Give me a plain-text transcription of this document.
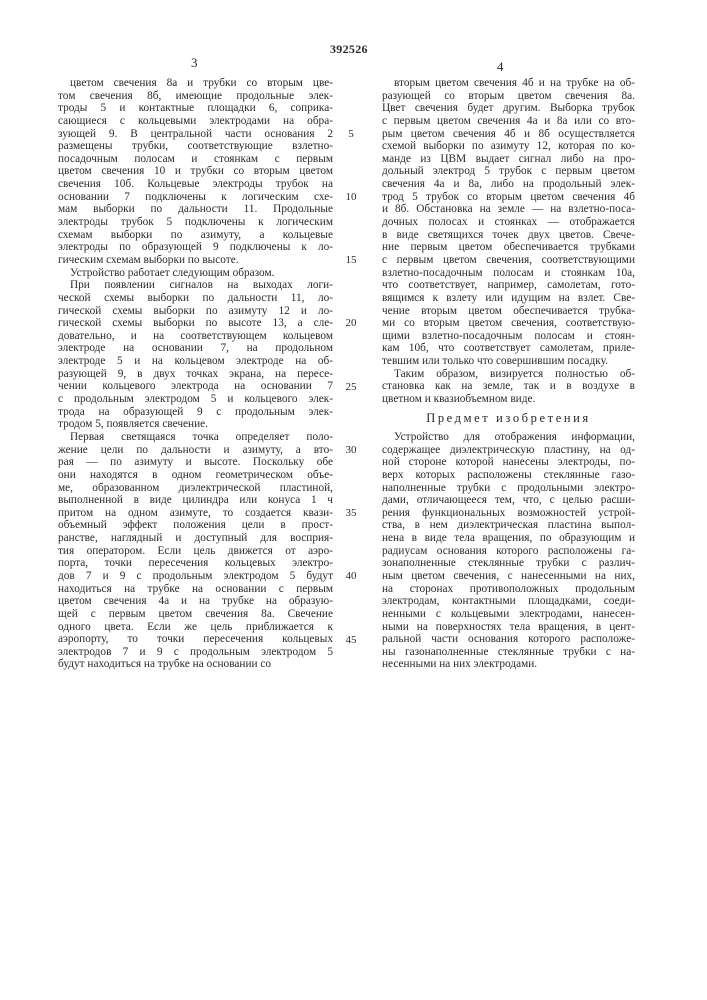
392526
3	4
цветом свечения 8а и трубки со вторым цве-
том свечения 8б, имеющие продольные элек-
троды 5 и контактные площадки 6, соприка-
сающиеся с кольцевыми электродами на обра-
зующей 9. В центральной части основания 2
размещены трубки, соответствующие взлетно-
посадочным полосам и стоянкам с первым
цветом свечения 10 и трубки со вторым цветом
свечения 10б. Кольцевые электроды трубок на
основании 7 подключены к логическим схе-
мам выборки по дальности 11. Продольные
электроды трубок 5 подключены к логическим
схемам выборки по азимуту, а кольцевые
электроды по образующей 9 подключены к ло-
гическим схемам выборки по высоте.
Устройство работает следующим образом.
При появлении сигналов на выходах логи-
ческой схемы выборки по дальности 11, ло-
гической схемы выборки по азимуту 12 и ло-
гической схемы выборки по высоте 13, а сле-
довательно, и на соответствующем кольцевом
электроде на основании 7, на продольном
электроде 5 и на кольцевом электроде на об-
разующей 9, в двух точках экрана, на пересе-
чении кольцевого электрода на основании 7
с продольным электродом 5 и кольцевого элек-
трода на образующей 9 с продольным элек-
тродом 5, появляется свечение.
Первая светящаяся точка определяет поло-
жение цели по дальности и азимуту, а вто-
рая — по азимуту и высоте. Поскольку обе
они находятся в одном геометрическом объе-
ме, образованном диэлектрической пластиной,
выполненной в виде цилиндра или конуса 1 ч
притом на одном азимуте, то создается квази-
объемный эффект положения цели в прост-
ранстве, наглядный и доступный для восприя-
тия оператором. Если цель движется от аэро-
порта, точки пересечения кольцевых электро-
дов 7 и 9 с продольным электродом 5 будут
находиться на трубке на основании с первым
цветом свечения 4а и на трубке на образую-
щей с первым цветом свечения 8а. Свечение
одного цвета. Если же цель приближается к
аэропорту, то точки пересечения кольцевых
электродов 7 и 9 с продольным электродом 5
будут находиться на трубке на основании со
вторым цветом свечения 4б и на трубке на об-
разующей со вторым цветом свечения 8а.
Цвет свечения будет другим. Выборка трубок
с первым цветом свечения 4а и 8а или со вто-
рым цветом свечения 4б и 8б осуществляется
схемой выборки по азимуту 12, которая по ко-
манде из ЦВМ выдает сигнал либо на про-
дольный электрод 5 трубок с первым цветом
свечения 4а и 8а, либо на продольный элек-
трод 5 трубок со вторым цветом свечения 4б
и 8б. Обстановка на земле — на взлетно-поса-
дочных полосах и стоянках — отображается
в виде светящихся точек двух цветов. Свече-
ние первым цветом обеспечивается трубками
с первым цветом свечения, соответствующими
взлетно-посадочным полосам и стоянкам 10а,
что соответствует, например, самолетам, гото-
вящимся к взлету или идущим на взлет. Све-
чение вторым цветом обеспечивается трубка-
ми со вторым цветом свечения, соответствую-
щими взлетно-посадочным полосам и стоян-
кам 10б, что соответствует самолетам, приле-
тевшим или только что совершившим посадку.
Таким образом, визируется полностью об-
становка как на земле, так и в воздухе в
цветном и квазиобъемном виде.
Предмет изобретения
Устройство для отображения информации,
содержащее диэлектрическую пластину, на од-
ной стороне которой нанесены электроды, по-
верх которых расположены стеклянные газо-
наполненные трубки с продольными электро-
дами, отличающееся тем, что, с целью расши-
рения функциональных возможностей устрой-
ства, в нем диэлектрическая пластина выпол-
нена в виде тела вращения, по образующим и
радиусам основания которого расположены га-
зонаполненные стеклянные трубки с различ-
ным цветом свечения, с нанесенными на них,
на сторонах противоположных продольным
электродам, контактными площадками, соеди-
ненными с кольцевыми электродами, нанесен-
ными на поверхностях тела вращения, в цент-
ральной части основания которого расположе-
ны газонаполненные стеклянные трубки с на-
несенными на них электродами.
5
10
15
20
25
30
35
40
45
